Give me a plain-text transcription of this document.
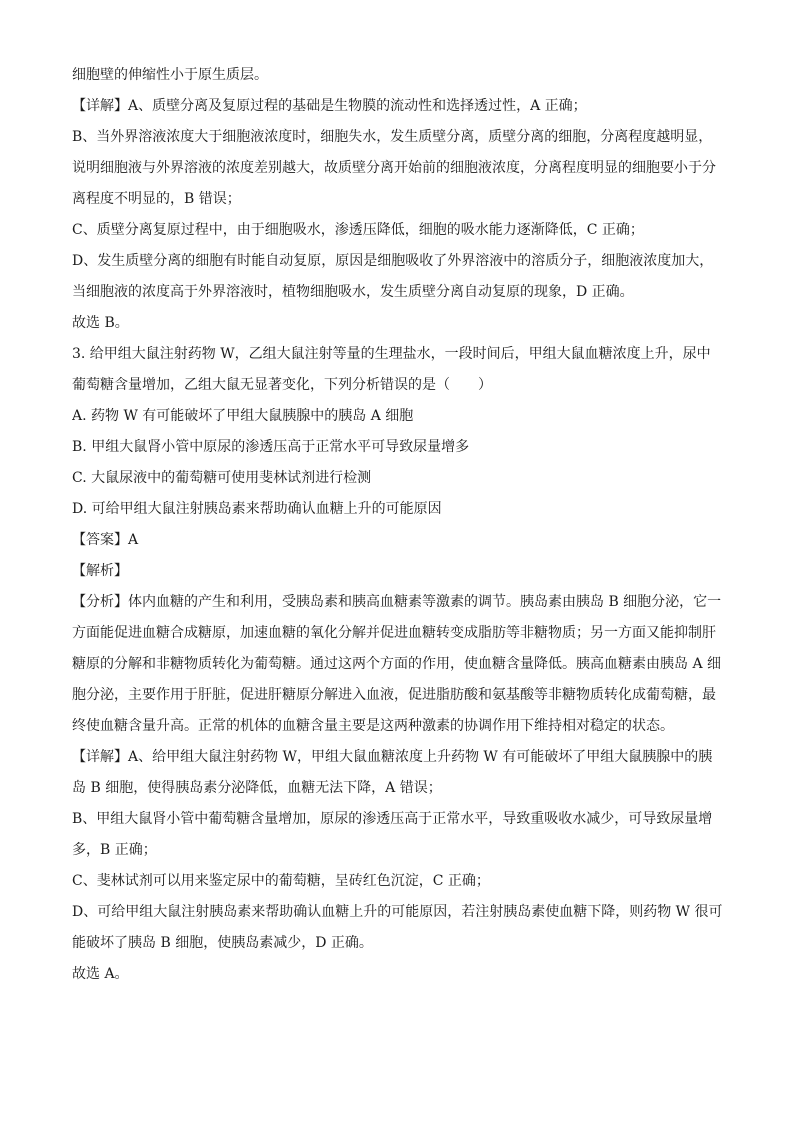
细胞壁的伸缩性小于原生质层。

【详解】A、质壁分离及复原过程的基础是生物膜的流动性和选择透过性，A 正确；

B、当外界溶液浓度大于细胞液浓度时，细胞失水，发生质壁分离，质壁分离的细胞，分离程度越明显，

说明细胞液与外界溶液的浓度差别越大，故质壁分离开始前的细胞液浓度，分离程度明显的细胞要小于分

离程度不明显的，B 错误；

C、质壁分离复原过程中，由于细胞吸水，渗透压降低，细胞的吸水能力逐渐降低，C 正确；

D、发生质壁分离的细胞有时能自动复原，原因是细胞吸收了外界溶液中的溶质分子，细胞液浓度加大，

当细胞液的浓度高于外界溶液时，植物细胞吸水，发生质壁分离自动复原的现象，D 正确。

故选 B。

3. 给甲组大鼠注射药物 W，乙组大鼠注射等量的生理盐水，一段时间后，甲组大鼠血糖浓度上升，尿中

葡萄糖含量增加，乙组大鼠无显著变化，下列分析错误的是（　　）

A. 药物 W 有可能破坏了甲组大鼠胰腺中的胰岛 A 细胞

B. 甲组大鼠肾小管中原尿的渗透压高于正常水平可导致尿量增多

C. 大鼠尿液中的葡萄糖可使用斐林试剂进行检测

D. 可给甲组大鼠注射胰岛素来帮助确认血糖上升的可能原因

【答案】A

【解析】

【分析】体内血糖的产生和利用，受胰岛素和胰高血糖素等激素的调节。胰岛素由胰岛 B 细胞分泌，它一

方面能促进血糖合成糖原，加速血糖的氧化分解并促进血糖转变成脂肪等非糖物质；另一方面又能抑制肝

糖原的分解和非糖物质转化为葡萄糖。通过这两个方面的作用，使血糖含量降低。胰高血糖素由胰岛 A 细

胞分泌，主要作用于肝脏，促进肝糖原分解进入血液，促进脂肪酸和氨基酸等非糖物质转化成葡萄糖，最

终使血糖含量升高。正常的机体的血糖含量主要是这两种激素的协调作用下维持相对稳定的状态。

【详解】A、给甲组大鼠注射药物 W，甲组大鼠血糖浓度上升药物 W 有可能破坏了甲组大鼠胰腺中的胰

岛 B 细胞，使得胰岛素分泌降低，血糖无法下降，A 错误；

B、甲组大鼠肾小管中葡萄糖含量增加，原尿的渗透压高于正常水平，导致重吸收水减少，可导致尿量增

多，B 正确；

C、斐林试剂可以用来鉴定尿中的葡萄糖，呈砖红色沉淀，C 正确；

D、可给甲组大鼠注射胰岛素来帮助确认血糖上升的可能原因，若注射胰岛素使血糖下降，则药物 W 很可

能破坏了胰岛 B 细胞，使胰岛素减少，D 正确。

故选 A。
